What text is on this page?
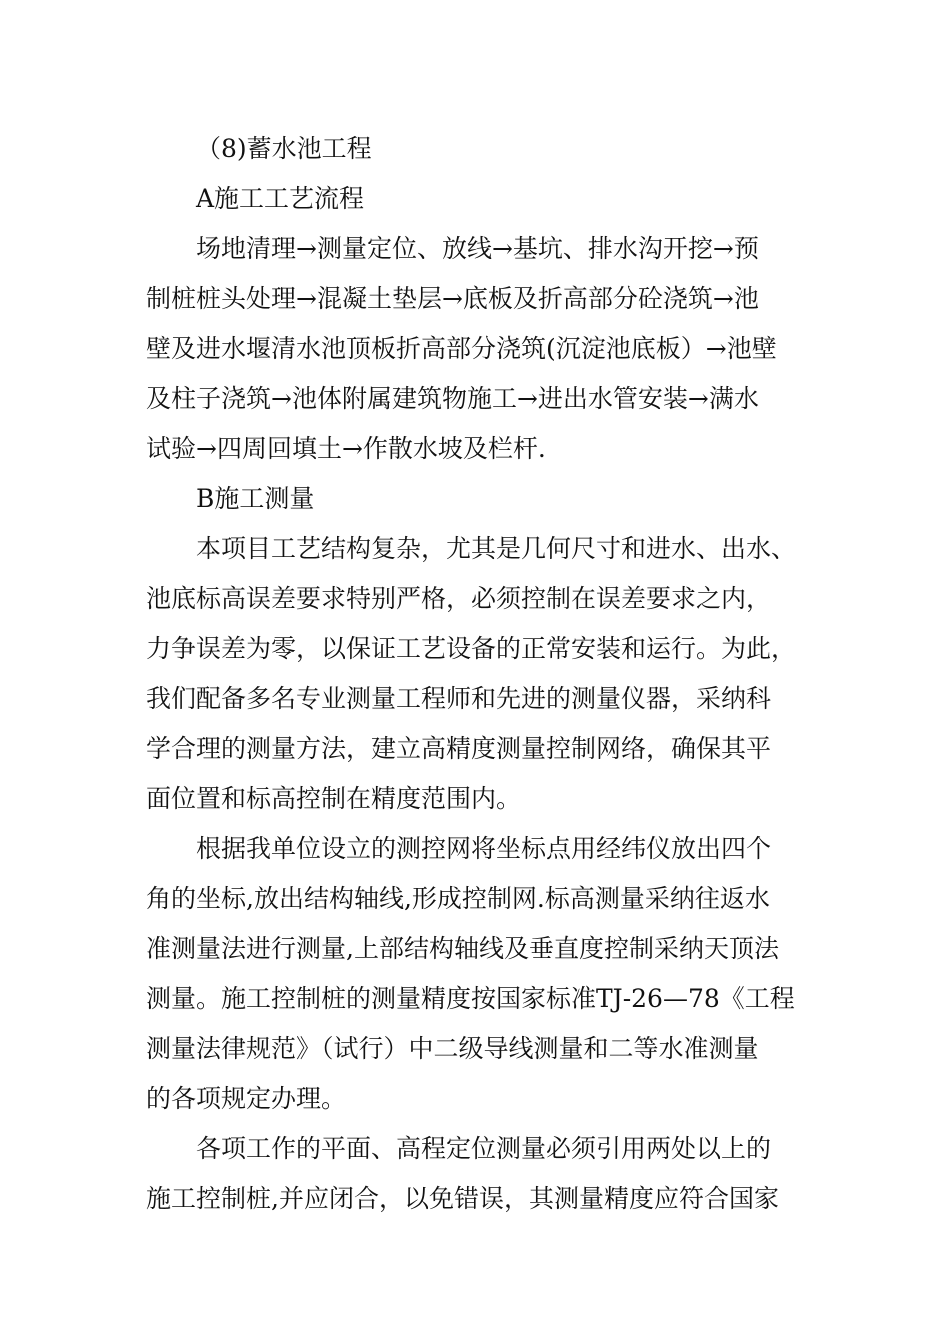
（8)蓄水池工程
A施工工艺流程
场地清理→测量定位、放线→基坑、排水沟开挖→预
制桩桩头处理→混凝土垫层→底板及折高部分砼浇筑→池
壁及进水堰清水池顶板折高部分浇筑(沉淀池底板）→池壁
及柱子浇筑→池体附属建筑物施工→进出水管安装→满水
试验→四周回填土→作散水坡及栏杆.
B施工测量
本项目工艺结构复杂，尤其是几何尺寸和进水、出水、
池底标高误差要求特别严格，必须控制在误差要求之内，
力争误差为零，以保证工艺设备的正常安装和运行。为此，
我们配备多名专业测量工程师和先进的测量仪器，采纳科
学合理的测量方法，建立高精度测量控制网络，确保其平
面位置和标高控制在精度范围内。
根据我单位设立的测控网将坐标点用经纬仪放出四个
角的坐标,放出结构轴线,形成控制网.标高测量采纳往返水
准测量法进行测量,上部结构轴线及垂直度控制采纳天顶法
测量。施工控制桩的测量精度按国家标准TJ-26—78《工程
测量法律规范》（试行）中二级导线测量和二等水准测量
的各项规定办理。
各项工作的平面、高程定位测量必须引用两处以上的
施工控制桩,并应闭合，以免错误，其测量精度应符合国家
